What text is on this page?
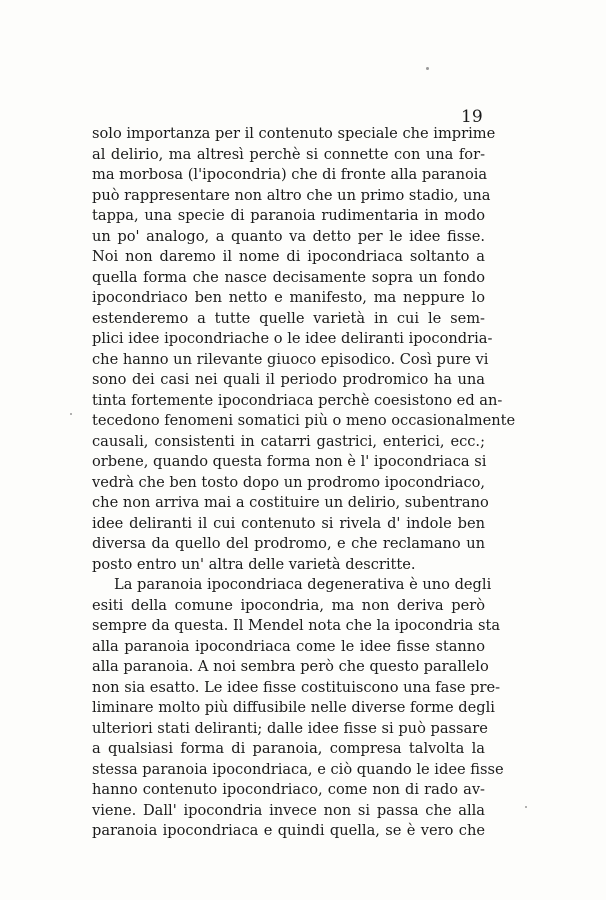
19
solo importanza per il contenuto speciale che imprime
al delirio, ma altresì perchè si connette con una for-
ma morbosa (l'ipocondria) che di fronte alla paranoia
può rappresentare non altro che un primo stadio, una
tappa, una specie di paranoia rudimentaria in modo
un po' analogo, a quanto va detto per le idee fisse.
Noi non daremo il nome di ipocondriaca soltanto a
quella forma che nasce decisamente sopra un fondo
ipocondriaco ben netto e manifesto, ma neppure lo
estenderemo a tutte quelle varietà in cui le sem-
plici idee ipocondriache o le idee deliranti ipocondria-
che hanno un rilevante giuoco episodico. Così pure vi
sono dei casi nei quali il periodo prodromico ha una
tinta fortemente ipocondriaca perchè coesistono ed an-
tecedono fenomeni somatici più o meno occasionalmente
causali, consistenti in catarri gastrici, enterici, ecc.;
orbene, quando questa forma non è l' ipocondriaca si
vedrà che ben tosto dopo un prodromo ipocondriaco,
che non arriva mai a costituire un delirio, subentrano
idee deliranti il cui contenuto si rivela d' indole ben
diversa da quello del prodromo, e che reclamano un
posto entro un' altra delle varietà descritte.
La paranoia ipocondriaca degenerativa è uno degli
esiti della comune ipocondria, ma non deriva però
sempre da questa. Il Mendel nota che la ipocondria sta
alla paranoia ipocondriaca come le idee fisse stanno
alla paranoia. A noi sembra però che questo parallelo
non sia esatto. Le idee fisse costituiscono una fase pre-
liminare molto più diffusibile nelle diverse forme degli
ulteriori stati deliranti; dalle idee fisse si può passare
a qualsiasi forma di paranoia, compresa talvolta la
stessa paranoia ipocondriaca, e ciò quando le idee fisse
hanno contenuto ipocondriaco, come non di rado av-
viene. Dall' ipocondria invece non si passa che alla
paranoia ipocondriaca e quindi quella, se è vero che
